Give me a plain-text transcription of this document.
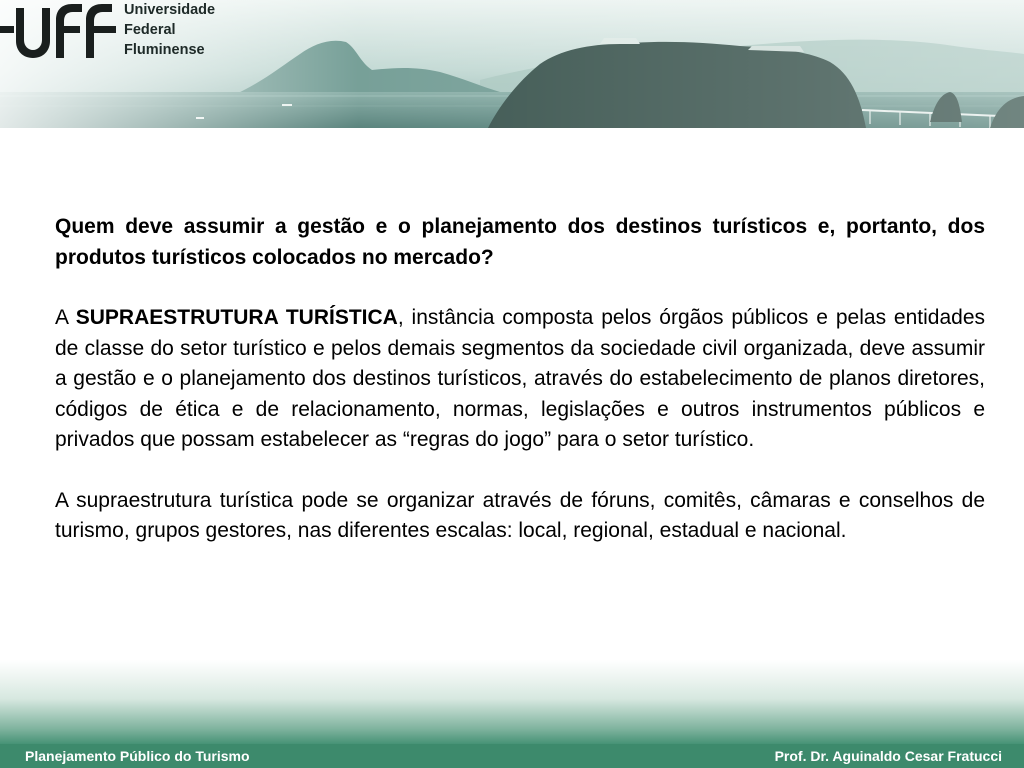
Universidade
Federal
Fluminense

Quem deve assumir a gestão e o planejamento dos destinos turísticos e, portanto, dos produtos turísticos colocados no mercado?

A SUPRAESTRUTURA TURÍSTICA, instância composta pelos órgãos públicos e pelas entidades de classe do setor turístico e pelos demais segmentos da sociedade civil organizada, deve assumir a gestão e o planejamento dos destinos turísticos, através do estabelecimento de planos diretores, códigos de ética e de relacionamento, normas, legislações e outros instrumentos públicos e privados que possam estabelecer as “regras do jogo” para o setor turístico.

A supraestrutura turística pode se organizar através de fóruns, comitês, câmaras e conselhos de turismo, grupos gestores, nas diferentes escalas: local, regional, estadual e nacional.

Planejamento Público do Turismo	Prof. Dr. Aguinaldo Cesar Fratucci
